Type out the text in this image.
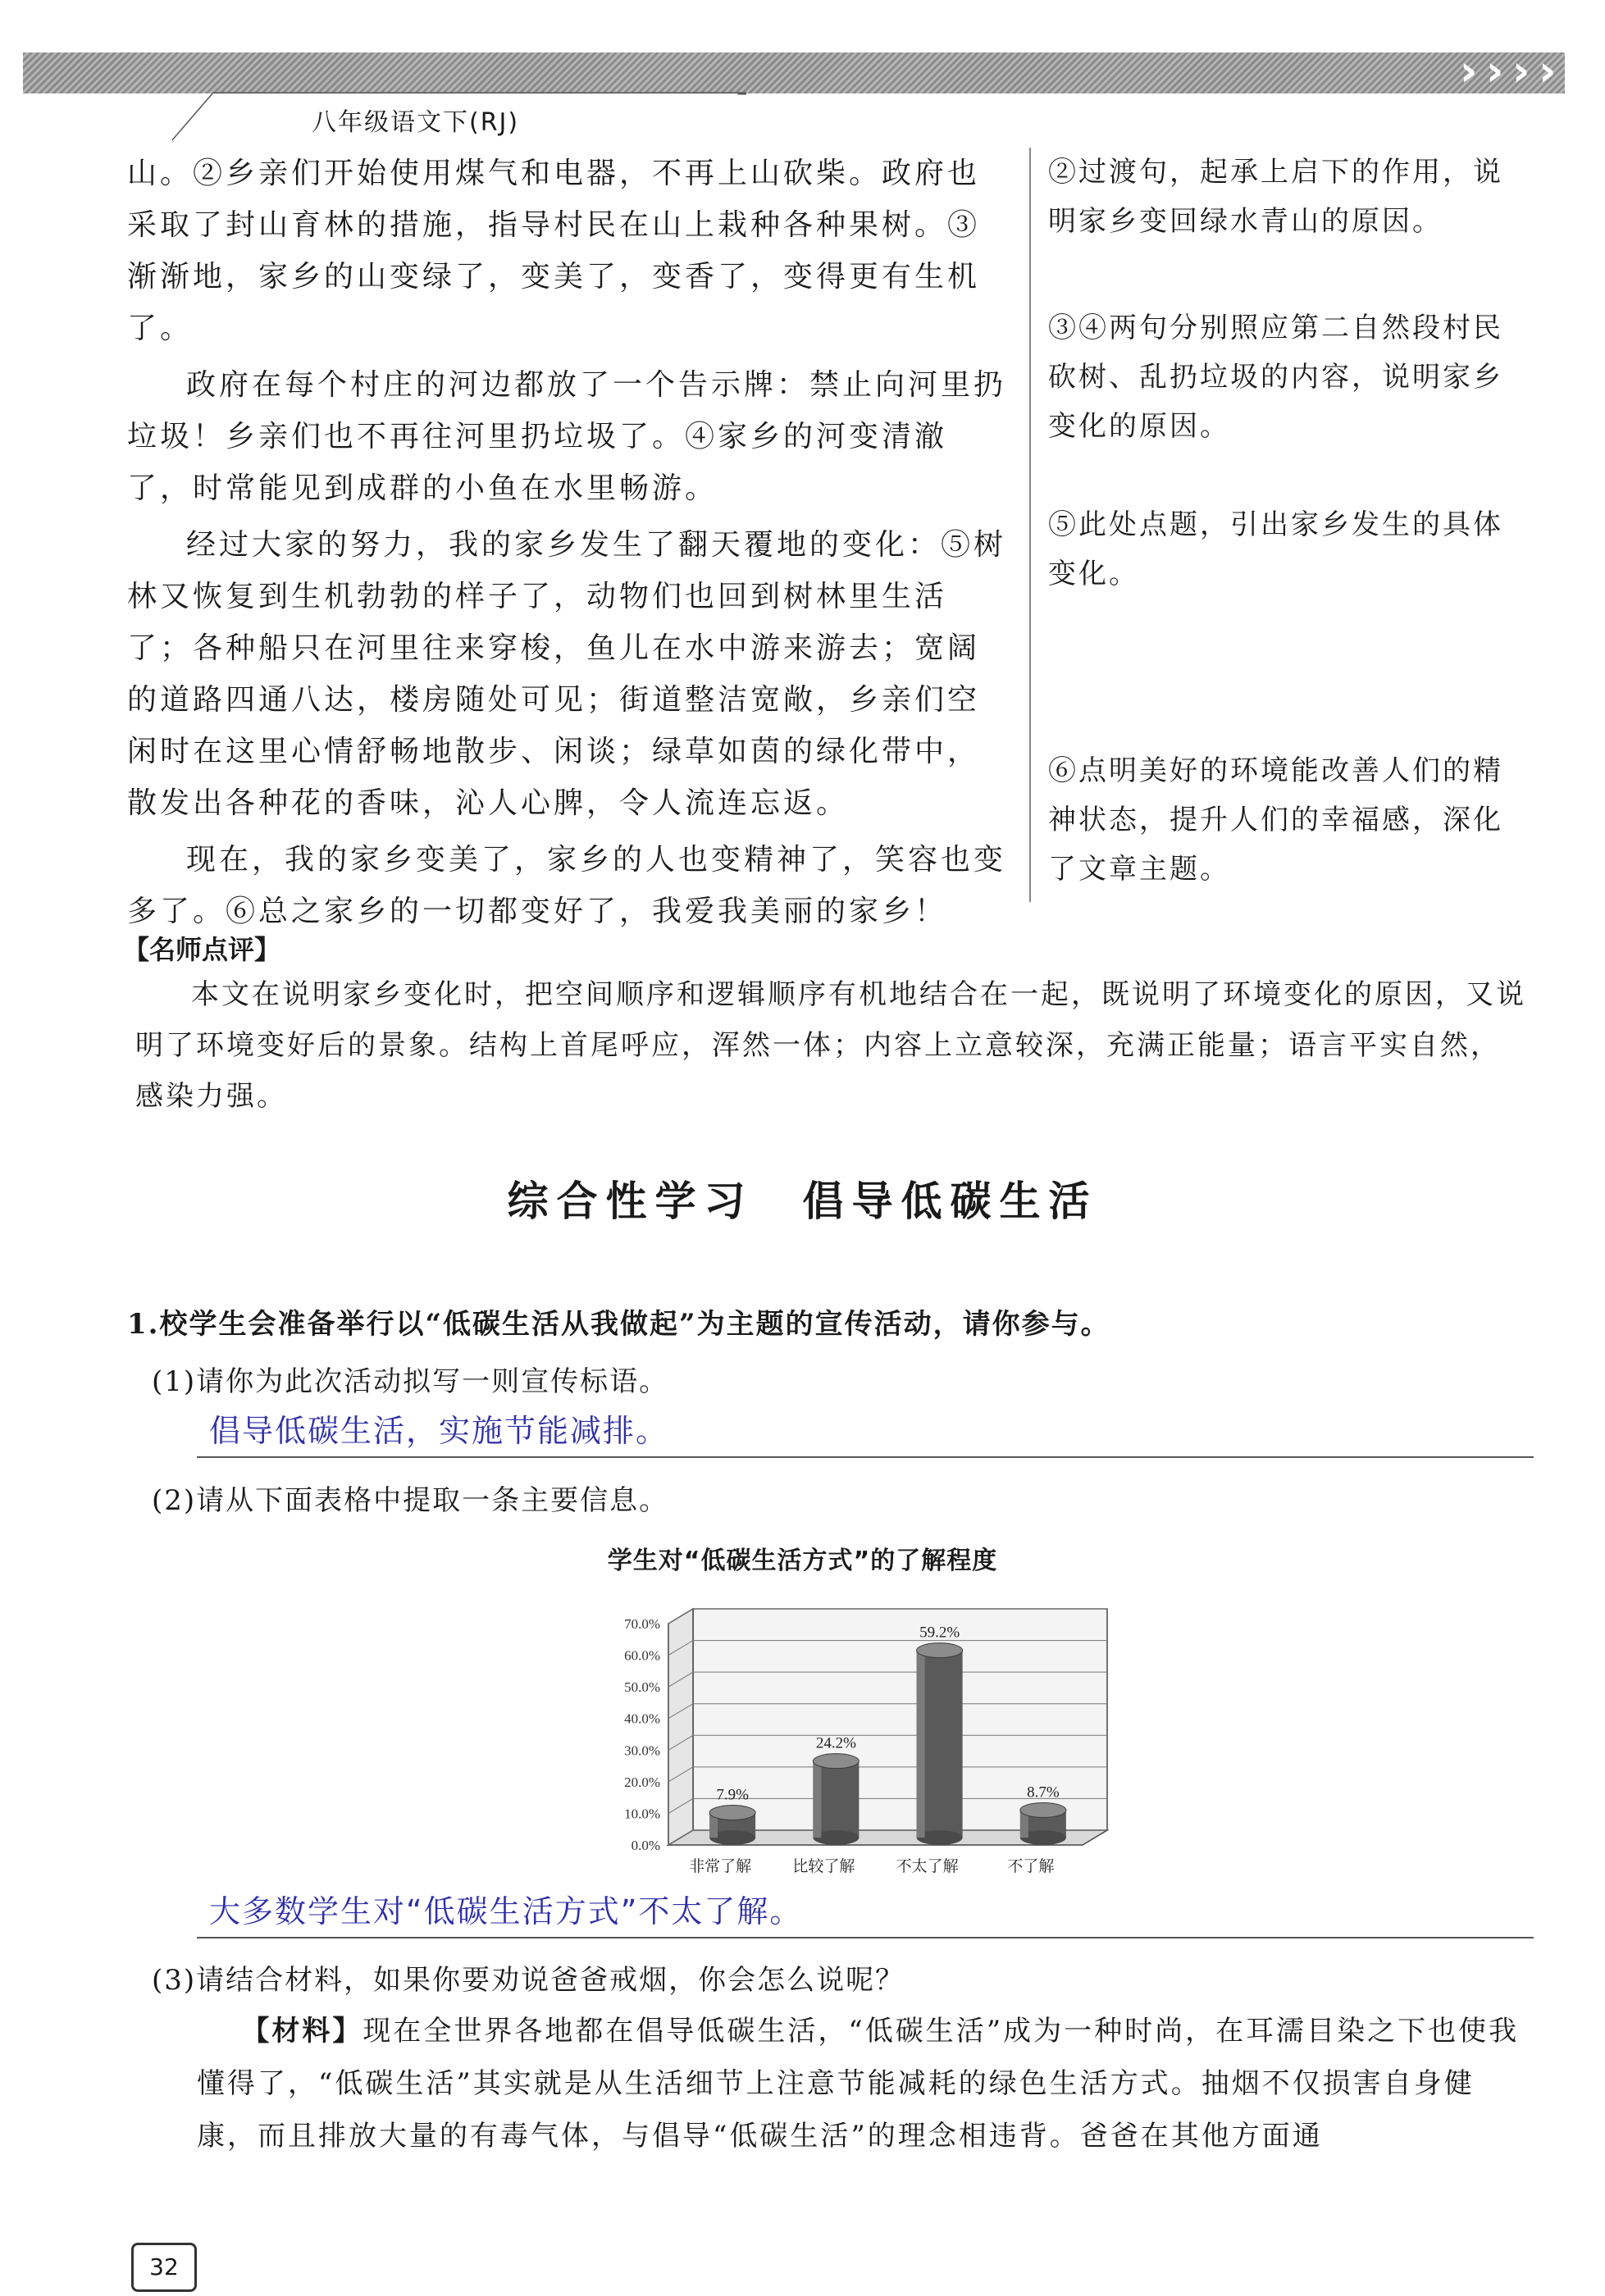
› › › ›
八年级语文下(RJ)

山。②乡亲们开始使用煤气和电器，不再上山砍柴。政府也采取了封山育林的措施，指导村民在山上栽种各种果树。③渐渐地，家乡的山变绿了，变美了，变香了，变得更有生机了。

政府在每个村庄的河边都放了一个告示牌：禁止向河里扔垃圾！乡亲们也不再往河里扔垃圾了。④家乡的河变清澈了，时常能见到成群的小鱼在水里畅游。

经过大家的努力，我的家乡发生了翻天覆地的变化：⑤树林又恢复到生机勃勃的样子了，动物们也回到树林里生活了；各种船只在河里往来穿梭，鱼儿在水中游来游去；宽阔的道路四通八达，楼房随处可见；街道整洁宽敞，乡亲们空闲时在这里心情舒畅地散步、闲谈；绿草如茵的绿化带中，散发出各种花的香味，沁人心脾，令人流连忘返。

现在，我的家乡变美了，家乡的人也变精神了，笑容也变多了。⑥总之家乡的一切都变好了，我爱我美丽的家乡！

②过渡句，起承上启下的作用，说明家乡变回绿水青山的原因。
③④两句分别照应第二自然段村民砍树、乱扔垃圾的内容，说明家乡变化的原因。
⑤此处点题，引出家乡发生的具体变化。
⑥点明美好的环境能改善人们的精神状态，提升人们的幸福感，深化了文章主题。
【名师点评】
本文在说明家乡变化时，把空间顺序和逻辑顺序有机地结合在一起，既说明了环境变化的原因，又说明了环境变好后的景象。结构上首尾呼应，浑然一体；内容上立意较深，充满正能量；语言平实自然，感染力强。
综合性学习　倡导低碳生活
1.校学生会准备举行以“低碳生活从我做起”为主题的宣传活动，请你参与。
(1)请你为此次活动拟写一则宣传标语。
倡导低碳生活，实施节能减排。
(2)请从下面表格中提取一条主要信息。
学生对“低碳生活方式”的了解程度
0.0%
10.0%
20.0%
30.0%
40.0%
50.0%
60.0%
70.0%
7.9%
非常了解
24.2%
比较了解
59.2%
不太了解
8.7%
不了解
大多数学生对“低碳生活方式”不太了解。
(3)请结合材料，如果你要劝说爸爸戒烟，你会怎么说呢？
【材料】现在全世界各地都在倡导低碳生活，“低碳生活”成为一种时尚，在耳濡目染之下也使我懂得了，“低碳生活”其实就是从生活细节上注意节能减耗的绿色生活方式。抽烟不仅损害自身健康，而且排放大量的有毒气体，与倡导“低碳生活”的理念相违背。爸爸在其他方面通
32
